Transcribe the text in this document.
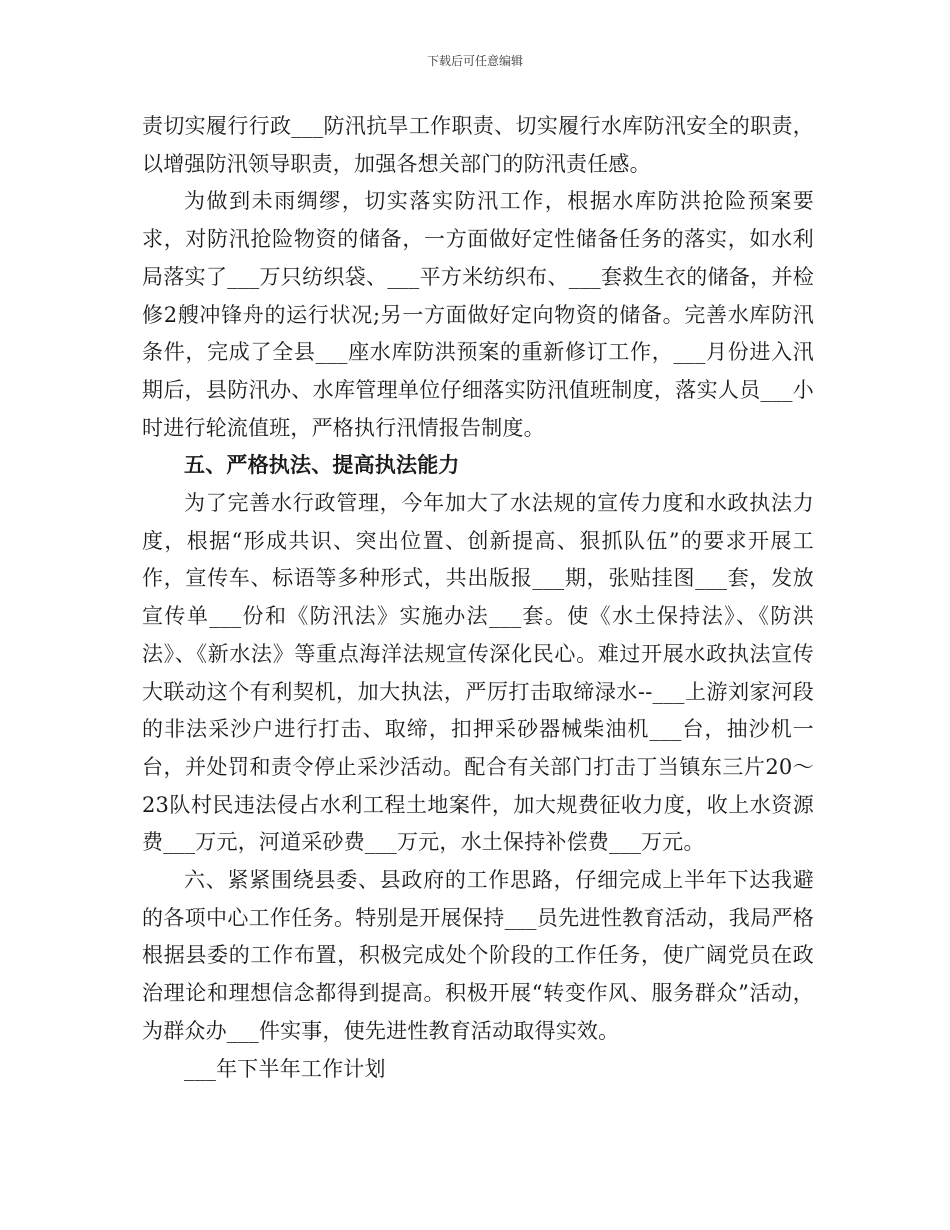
下载后可任意编辑

责切实履行行政___防汛抗旱工作职责、切实履行水库防汛安全的职责，以增强防汛领导职责，加强各想关部门的防汛责任感。

为做到未雨绸缪，切实落实防汛工作，根据水库防洪抢险预案要求，对防汛抢险物资的储备，一方面做好定性储备任务的落实，如水利局落实了___万只纺织袋、___平方米纺织布、___套救生衣的储备，并检修2艘冲锋舟的运行状况;另一方面做好定向物资的储备。完善水库防汛条件，完成了全县___座水库防洪预案的重新修订工作，___月份进入汛期后，县防汛办、水库管理单位仔细落实防汛值班制度，落实人员___小时进行轮流值班，严格执行汛情报告制度。

五、严格执法、提高执法能力

为了完善水行政管理，今年加大了水法规的宣传力度和水政执法力度，根据“形成共识、突出位置、创新提高、狠抓队伍”的要求开展工作，宣传车、标语等多种形式，共出版报___期，张贴挂图___套，发放宣传单___份和《防汛法》实施办法___套。使《水土保持法》、《防洪法》、《新水法》等重点海洋法规宣传深化民心。难过开展水政执法宣传大联动这个有利契机，加大执法，严厉打击取缔渌水--___上游刘家河段的非法采沙户进行打击、取缔，扣押采砂器械柴油机___台，抽沙机一台，并处罚和责令停止采沙活动。配合有关部门打击丁当镇东三片20～23队村民违法侵占水利工程土地案件，加大规费征收力度，收上水资源费___万元，河道采砂费___万元，水土保持补偿费___万元。

六、紧紧围绕县委、县政府的工作思路，仔细完成上半年下达我避的各项中心工作任务。特别是开展保持___员先进性教育活动，我局严格根据县委的工作布置，积极完成处个阶段的工作任务，使广阔党员在政治理论和理想信念都得到提高。积极开展“转变作风、服务群众”活动，为群众办___件实事，使先进性教育活动取得实效。

___年下半年工作计划
